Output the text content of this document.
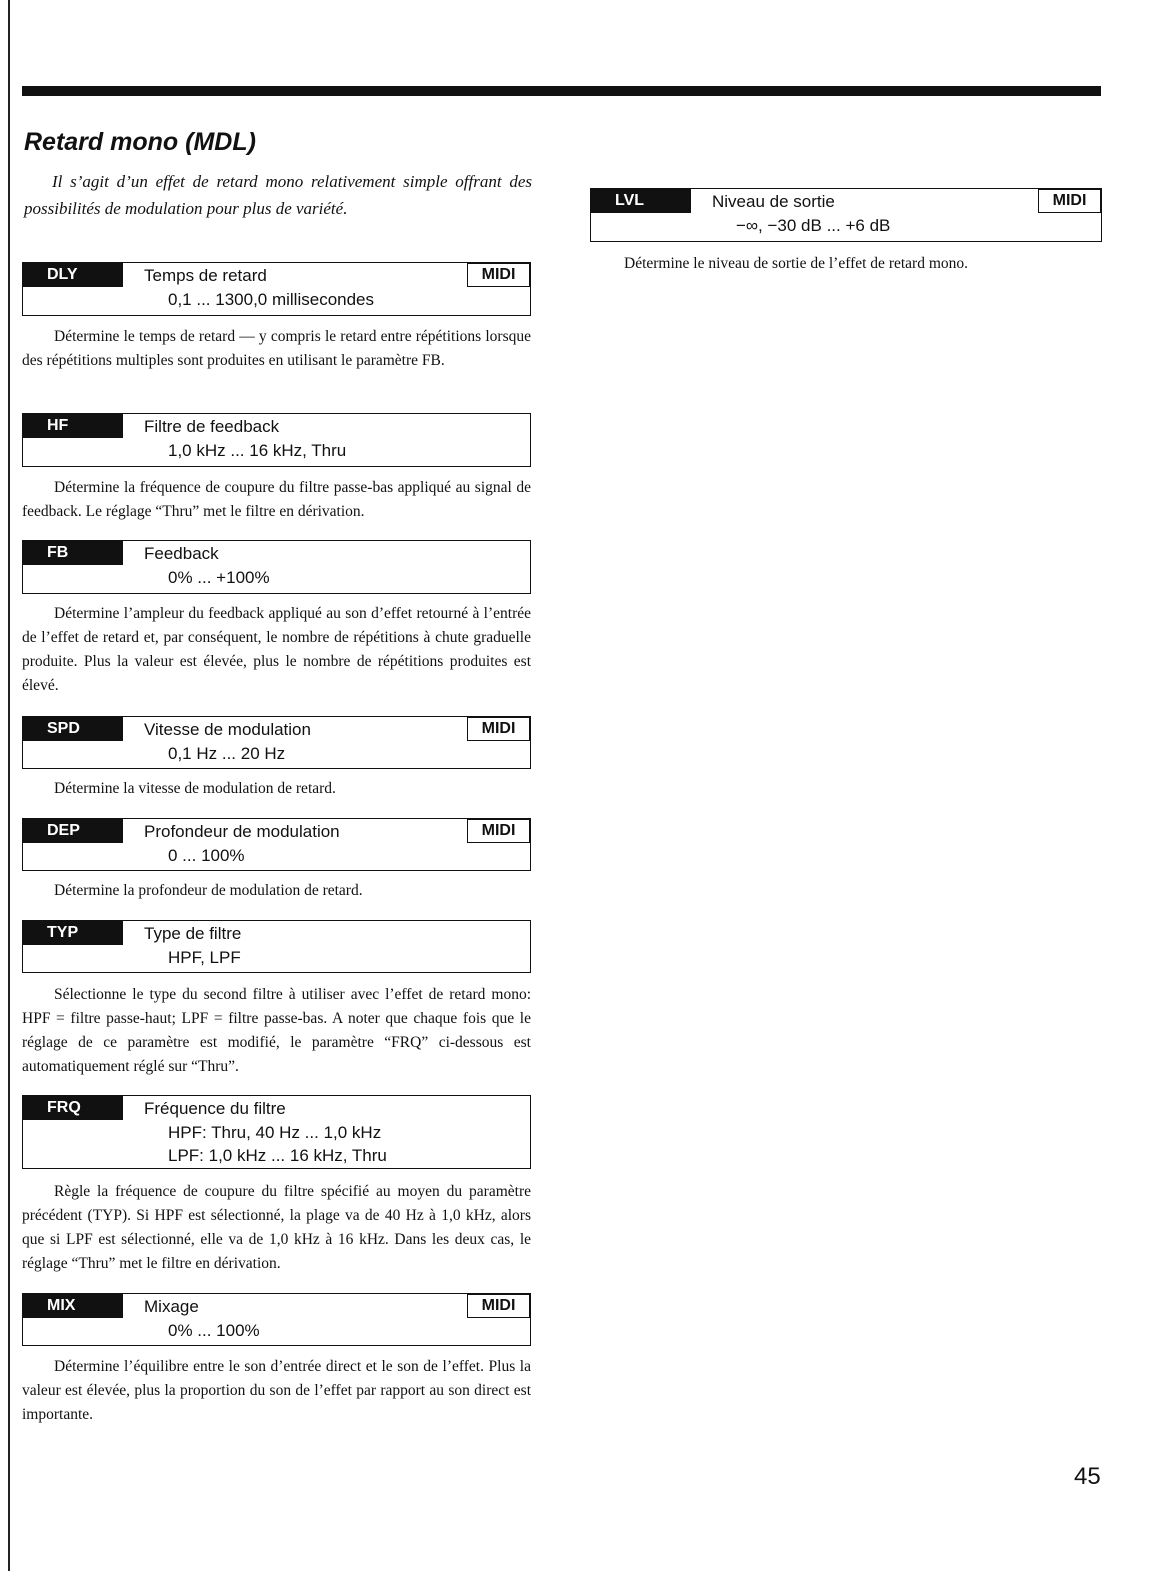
Retard mono (MDL)

Il s’agit d’un effet de retard mono relativement simple offrant des possibilités de modulation pour plus de variété.

DLY	Temps de retard	MIDI
0,1 ... 1300,0 millisecondes

Détermine le temps de retard — y compris le retard entre répétitions lorsque des répétitions multiples sont produites en utilisant le paramètre FB.

HF	Filtre de feedback
1,0 kHz ... 16 kHz, Thru

Détermine la fréquence de coupure du filtre passe-bas appliqué au signal de feedback. Le réglage “Thru” met le filtre en dérivation.

FB	Feedback
0% ... +100%

Détermine l’ampleur du feedback appliqué au son d’effet retourné à l’entrée de l’effet de retard et, par conséquent, le nombre de répétitions à chute graduelle produite. Plus la valeur est élevée, plus le nombre de répétitions produites est élevé.

SPD	Vitesse de modulation	MIDI
0,1 Hz ... 20 Hz

Détermine la vitesse de modulation de retard.

DEP	Profondeur de modulation	MIDI
0 ... 100%

Détermine la profondeur de modulation de retard.

TYP	Type de filtre
HPF, LPF

Sélectionne le type du second filtre à utiliser avec l’effet de retard mono: HPF = filtre passe-haut; LPF = filtre passe-bas. A noter que chaque fois que le réglage de ce paramètre est modifié, le paramètre “FRQ” ci-dessous est automatiquement réglé sur “Thru”.

FRQ	Fréquence du filtre
HPF: Thru, 40 Hz ... 1,0 kHz
LPF: 1,0 kHz ... 16 kHz, Thru

Règle la fréquence de coupure du filtre spécifié au moyen du paramètre précédent (TYP). Si HPF est sélectionné, la plage va de 40 Hz à 1,0 kHz, alors que si LPF est sélectionné, elle va de 1,0 kHz à 16 kHz. Dans les deux cas, le réglage “Thru” met le filtre en dérivation.

MIX	Mixage	MIDI
0% ... 100%

Détermine l’équilibre entre le son d’entrée direct et le son de l’effet. Plus la valeur est élevée, plus la proportion du son de l’effet par rapport au son direct est importante.

LVL	Niveau de sortie	MIDI
−∞, −30 dB ... +6 dB

Détermine le niveau de sortie de l’effet de retard mono.

45
